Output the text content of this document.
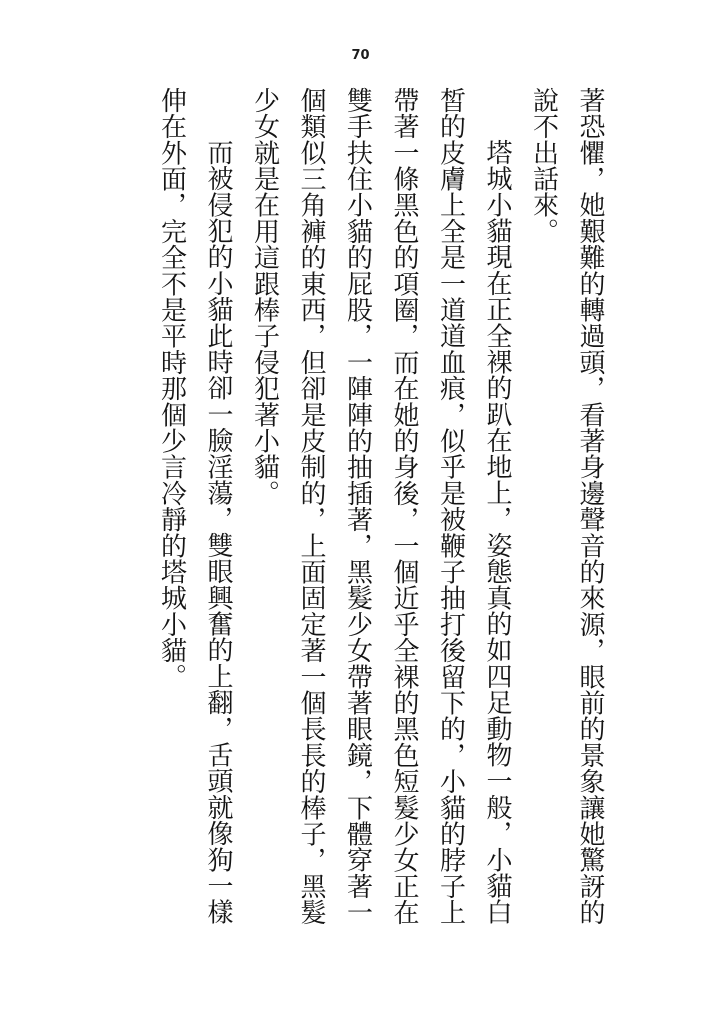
70

著恐懼，她艱難的轉過頭，看著身邊聲音的來源，眼前的景象讓她驚訝的說不出話來。

塔城小貓現在正全裸的趴在地上，姿態真的如四足動物一般，小貓白皙的皮膚上全是一道道血痕，似乎是被鞭子抽打後留下的，小貓的脖子上帶著一條黑色的項圈，而在她的身後，一個近乎全裸的黑色短髮少女正在雙手扶住小貓的屁股，一陣陣的抽插著，黑髮少女帶著眼鏡，下體穿著一個類似三角褲的東西，但卻是皮制的，上面固定著一個長長的棒子，黑髮少女就是在用這跟棒子侵犯著小貓。

而被侵犯的小貓此時卻一臉淫蕩，雙眼興奮的上翻，舌頭就像狗一樣伸在外面，完全不是平時那個少言冷靜的塔城小貓。
